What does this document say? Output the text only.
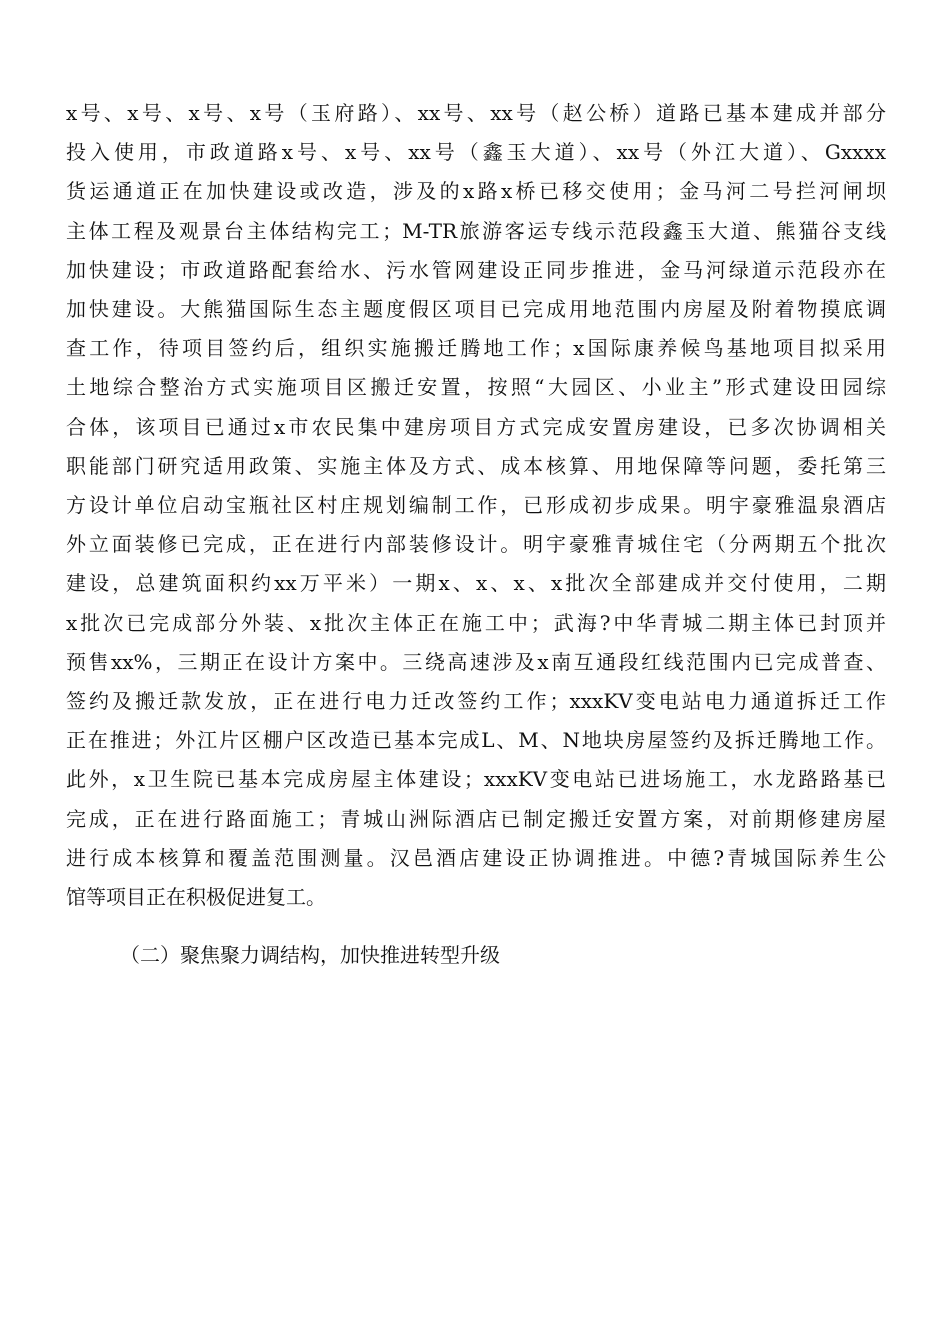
x号、x号、x号、x号（玉府路）、xx号、xx号（赵公桥）道路已基本建成并部分
投入使用，市政道路x号、x号、xx号（鑫玉大道）、xx号（外江大道）、Gxxxx
货运通道正在加快建设或改造，涉及的x路x桥已移交使用；金马河二号拦河闸坝
主体工程及观景台主体结构完工；M-TR旅游客运专线示范段鑫玉大道、熊猫谷支线
加快建设；市政道路配套给水、污水管网建设正同步推进，金马河绿道示范段亦在
加快建设。大熊猫国际生态主题度假区项目已完成用地范围内房屋及附着物摸底调
查工作，待项目签约后，组织实施搬迁腾地工作；x国际康养候鸟基地项目拟采用
土地综合整治方式实施项目区搬迁安置，按照“大园区、小业主”形式建设田园综
合体，该项目已通过x市农民集中建房项目方式完成安置房建设，已多次协调相关
职能部门研究适用政策、实施主体及方式、成本核算、用地保障等问题，委托第三
方设计单位启动宝瓶社区村庄规划编制工作，已形成初步成果。明宇豪雅温泉酒店
外立面装修已完成，正在进行内部装修设计。明宇豪雅青城住宅（分两期五个批次
建设，总建筑面积约xx万平米）一期x、x、x、x批次全部建成并交付使用，二期
x批次已完成部分外装、x批次主体正在施工中；武海?中华青城二期主体已封顶并
预售xx%，三期正在设计方案中。三绕高速涉及x南互通段红线范围内已完成普查、
签约及搬迁款发放，正在进行电力迁改签约工作；xxxKV变电站电力通道拆迁工作
正在推进；外江片区棚户区改造已基本完成L、M、N地块房屋签约及拆迁腾地工作。
此外，x卫生院已基本完成房屋主体建设；xxxKV变电站已进场施工，水龙路路基已
完成，正在进行路面施工；青城山洲际酒店已制定搬迁安置方案，对前期修建房屋
进行成本核算和覆盖范围测量。汉邑酒店建设正协调推进。中德?青城国际养生公
馆等项目正在积极促进复工。

（二）聚焦聚力调结构，加快推进转型升级
